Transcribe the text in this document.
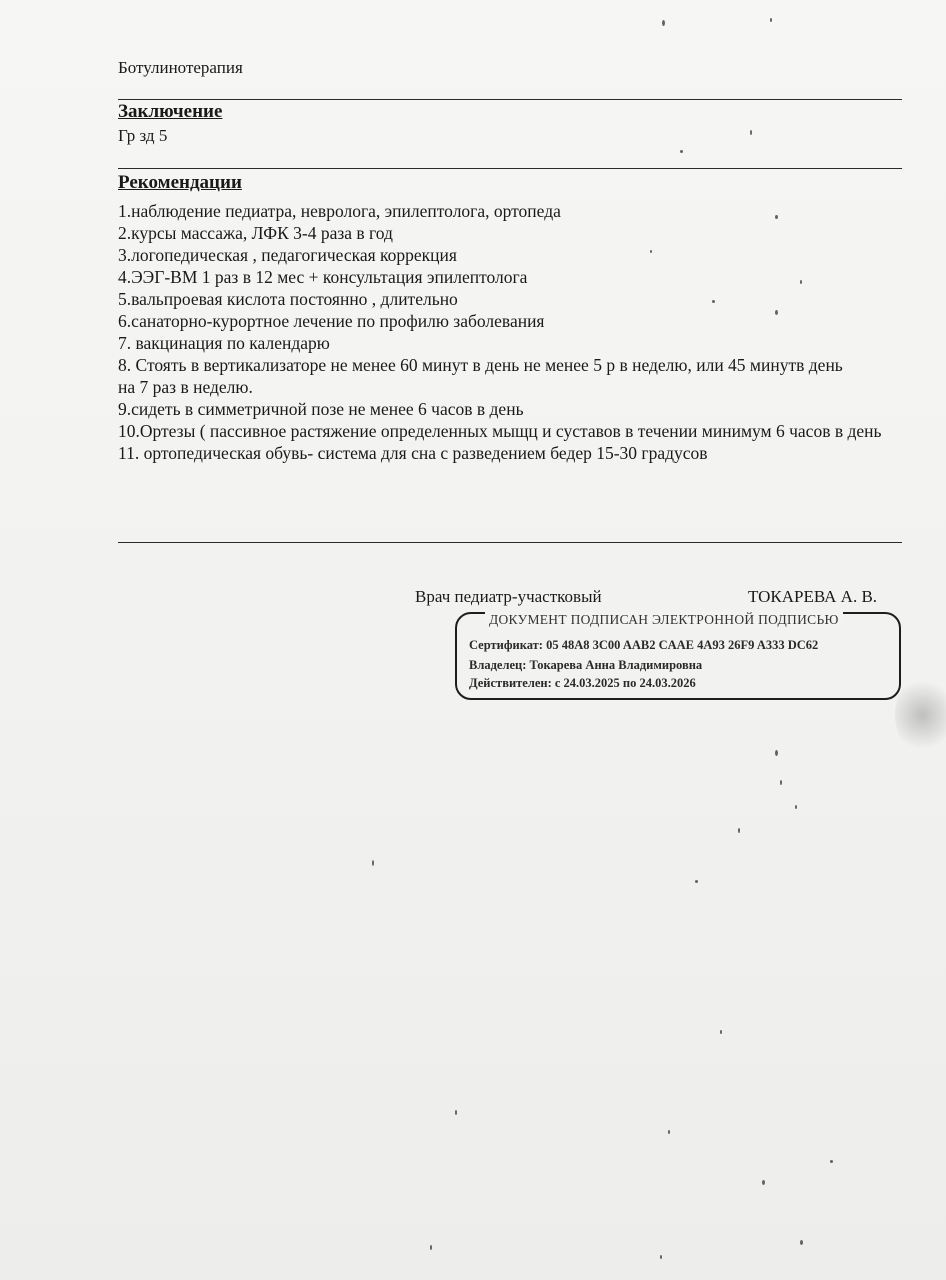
Ботулинотерапия
Заключение
Гр зд 5
Рекомендации
1.наблюдение педиатра, невролога, эпилептолога, ортопеда
2.курсы массажа, ЛФК 3-4 раза в год
3.логопедическая , педагогическая коррекция
4.ЭЭГ-ВМ 1 раз в 12 мес + консультация эпилептолога
5.вальпроевая кислота постоянно , длительно
6.санаторно-курортное лечение по профилю заболевания
7. вакцинация по календарю
8. Стоять в вертикализаторе не менее 60 минут в день не менее 5 р в неделю, или 45 минутв день на 7 раз в неделю.
9.сидеть в симметричной позе не менее 6 часов в день
10.Ортезы ( пассивное растяжение определенных мыщц и суставов в течении минимум 6 часов в день
11. ортопедическая обувь- система для сна с разведением бедер 15-30 градусов
Врач педиатр-участковый	ТОКАРЕВА А. В.
ДОКУМЕНТ ПОДПИСАН ЭЛЕКТРОННОЙ ПОДПИСЬЮ
Сертификат: 05 48A8 3C00 AAB2 CAAE 4A93 26F9 A333 DC62
Владелец: Токарева Анна Владимировна
Действителен: с 24.03.2025 по 24.03.2026
